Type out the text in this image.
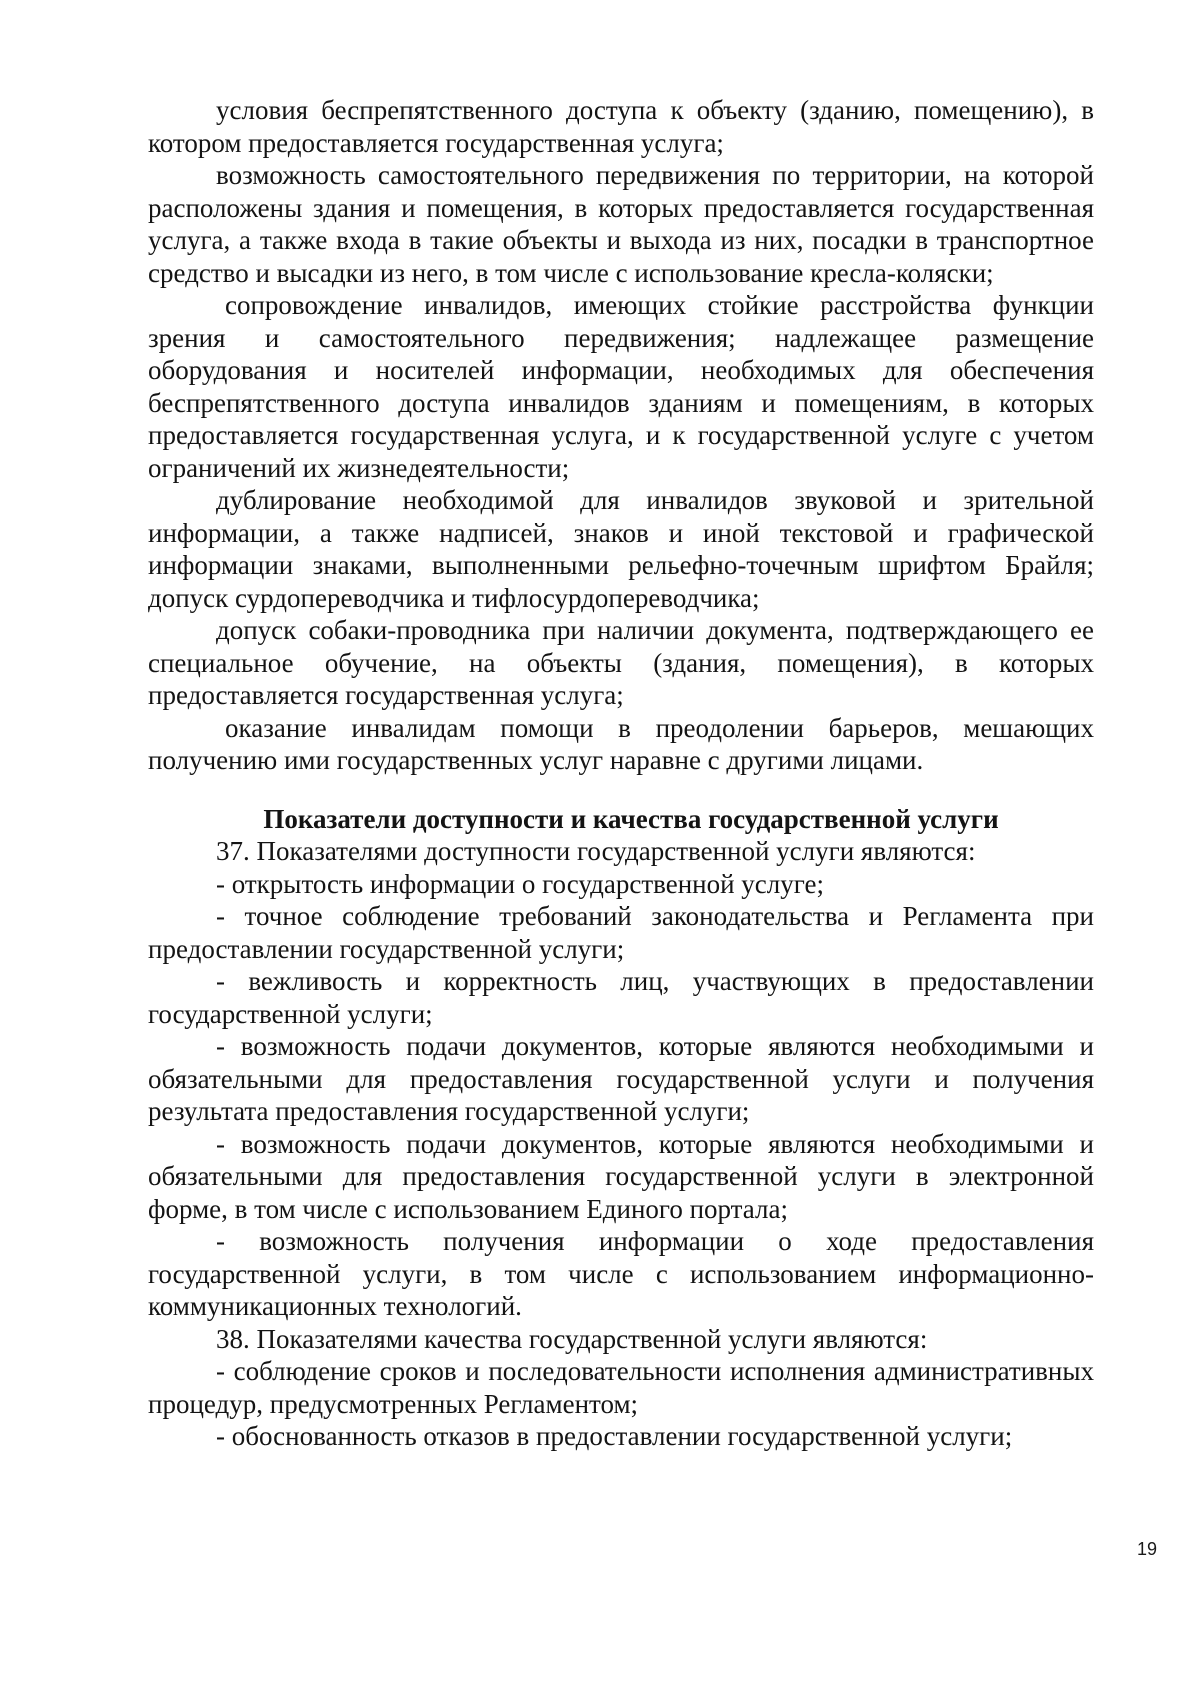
условия беспрепятственного доступа к объекту (зданию, помещению), в котором предоставляется государственная услуга;

возможность самостоятельного передвижения по территории, на которой расположены здания и помещения, в которых предоставляется государственная услуга, а также входа в такие объекты и выхода из них, посадки в транспортное средство и высадки из него, в том числе с использование кресла-коляски;

сопровождение инвалидов, имеющих стойкие расстройства функции зрения и самостоятельного передвижения; надлежащее размещение оборудования и носителей информации, необходимых для обеспечения беспрепятственного доступа инвалидов зданиям и помещениям, в которых предоставляется государственная услуга, и к государственной услуге с учетом ограничений их жизнедеятельности;

дублирование необходимой для инвалидов звуковой и зрительной информации, а также надписей, знаков и иной текстовой и графической информации знаками, выполненными рельефно-точечным шрифтом Брайля; допуск сурдопереводчика и тифлосурдопереводчика;

допуск собаки-проводника при наличии документа, подтверждающего ее специальное обучение, на объекты (здания, помещения), в которых предоставляется государственная услуга;

оказание инвалидам помощи в преодолении барьеров, мешающих получению ими государственных услуг наравне с другими лицами.

Показатели доступности и качества государственной услуги

37. Показателями доступности государственной услуги являются:

- открытость информации о государственной услуге;

- точное соблюдение требований законодательства и Регламента при предоставлении государственной услуги;

- вежливость и корректность лиц, участвующих в предоставлении государственной услуги;

- возможность подачи документов, которые являются необходимыми и обязательными для предоставления государственной услуги и получения результата предоставления государственной услуги;

- возможность подачи документов, которые являются необходимыми и обязательными для предоставления государственной услуги в электронной форме, в том числе с использованием Единого портала;

- возможность получения информации о ходе предоставления государственной услуги, в том числе с использованием информационно-коммуникационных технологий.

38. Показателями качества государственной услуги являются:

- соблюдение сроков и последовательности исполнения административных процедур, предусмотренных Регламентом;

- обоснованность отказов в предоставлении государственной услуги;

19
